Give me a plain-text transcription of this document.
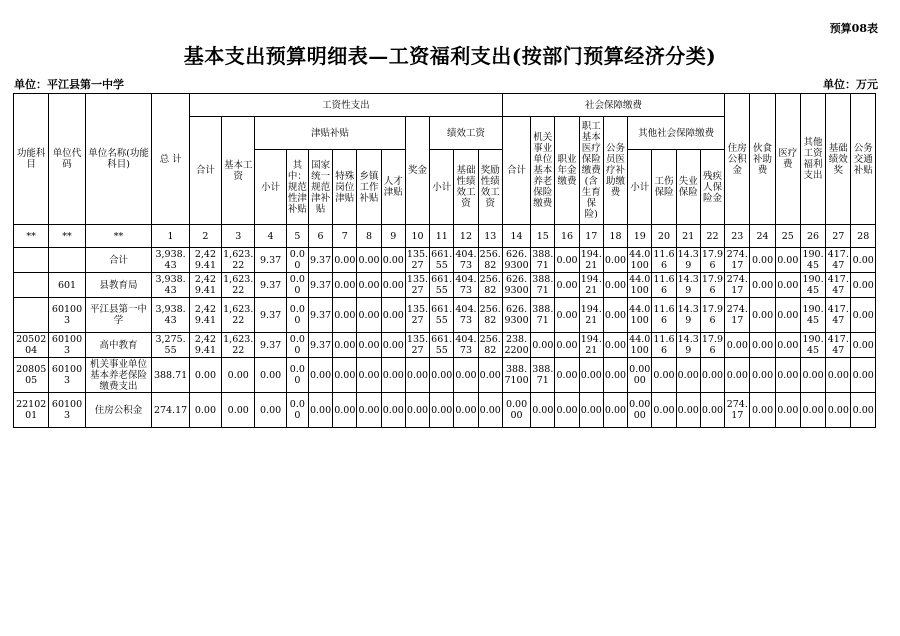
预算08表
基本支出预算明细表—工资福利支出(按部门预算经济分类)
单位：平江县第一中学	单位：万元
功能科目	单位代码	单位名称(功能科目)	总 计	工资性支出												社会保障缴费									住房公积金	伙食补助费	医疗费	其他工资福利支出	基础绩效奖	公务交通补贴
				合计	基本工资	津贴补贴						奖金	绩效工资			合计	机关事业单位基本养老保险缴费	职业年金缴费	职工基本医疗保险缴费(含生育保险)	公务员医疗补助缴费	其他社会保障缴费									
						小计	其中：规范性津补贴	国家统一规范津补贴	特殊岗位津贴	乡镇工作补贴	人才津贴		小计	基础性绩效工资	奖励性绩效工资						小计	工伤保险	失业保险	残疾人保险金						
**	**	**	1	2	3	4	5	6	7	8	9	10	11	12	13	14	15	16	17	18	19	20	21	22	23	24	25	26	27	28
		合计	3,938.43	2,429.41	1,623.22	9.37	0.00	9.37	0.00	0.00	0.00	135.27	661.55	404.73	256.82	626.9300	388.71	0.00	194.21	0.00	44.0100	11.66	14.39	17.96	274.17	0.00	0.00	190.45	417.47	0.00
	601	县教育局	3,938.43	2,429.41	1,623.22	9.37	0.00	9.37	0.00	0.00	0.00	135.27	661.55	404.73	256.82	626.9300	388.71	0.00	194.21	0.00	44.0100	11.66	14.39	17.96	274.17	0.00	0.00	190.45	417.47	0.00
	601003	平江县第一中学	3,938.43	2,429.41	1,623.22	9.37	0.00	9.37	0.00	0.00	0.00	135.27	661.55	404.73	256.82	626.9300	388.71	0.00	194.21	0.00	44.0100	11.66	14.39	17.96	274.17	0.00	0.00	190.45	417.47	0.00
2050204	601003	高中教育	3,275.55	2,429.41	1,623.22	9.37	0.00	9.37	0.00	0.00	0.00	135.27	661.55	404.73	256.82	238.2200	0.00	0.00	194.21	0.00	44.0100	11.66	14.39	17.96	0.00	0.00	0.00	190.45	417.47	0.00
2080505	601003	机关事业单位基本养老保险缴费支出	388.71	0.00	0.00	0.00	0.00	0.00	0.00	0.00	0.00	0.00	0.00	0.00	0.00	388.7100	388.71	0.00	0.00	0.00	0.0000	0.00	0.00	0.00	0.00	0.00	0.00	0.00	0.00	0.00
2210201	601003	住房公积金	274.17	0.00	0.00	0.00	0.00	0.00	0.00	0.00	0.00	0.00	0.00	0.00	0.00	0.0000	0.00	0.00	0.00	0.00	0.0000	0.00	0.00	0.00	274.17	0.00	0.00	0.00	0.00	0.00
